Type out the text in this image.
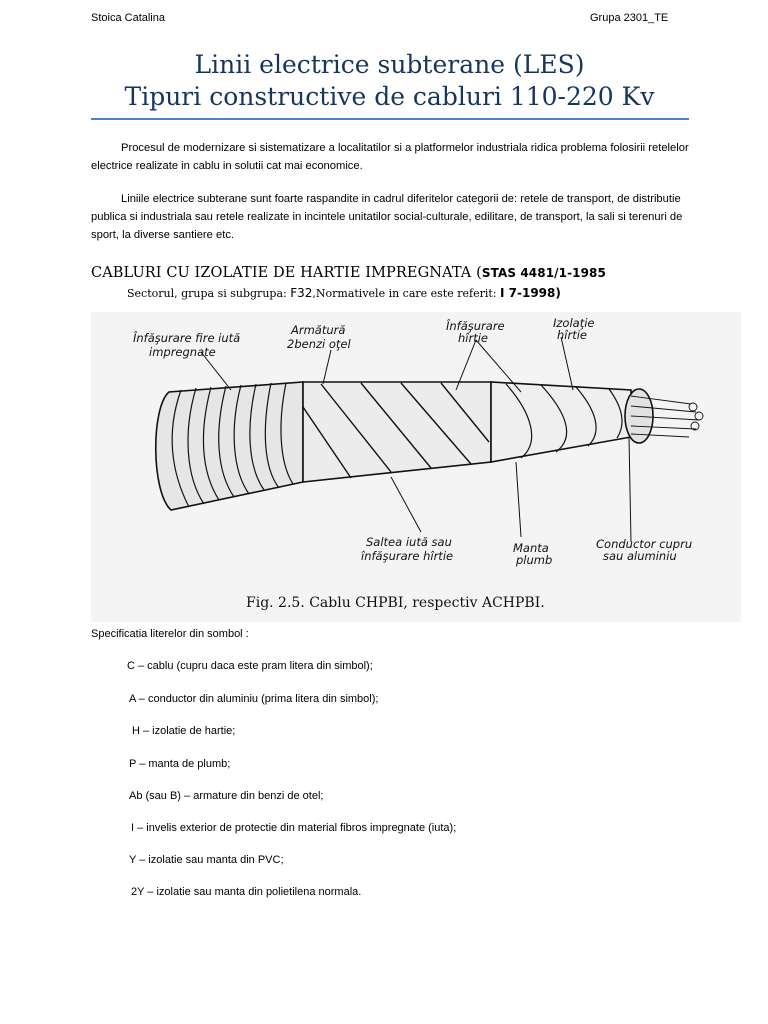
Stoica Catalina	Grupa 2301_TE
Linii electrice subterane (LES)
Tipuri constructive de cabluri 110-220 Kv
Procesul de modernizare si sistematizare a localitatilor si a platformelor industriala ridica problema folosirii retelelor electrice realizate in cablu in solutii cat mai economice.
Liniile electrice subterane sunt foarte raspandite in cadrul diferitelor categorii de: retele de transport, de distributie publica si industriala sau retele realizate in incintele unitatilor social-culturale, edilitare, de transport, la sali si terenuri de sport, la diverse santiere etc.
CABLURI CU IZOLATIE DE HARTIE IMPREGNATA (STAS 4481/1-1985
Sectorul, grupa si subgrupa: F32,Normativele in care este referit: I 7-1998)
Înfăşurare fire iută
impregnate
Armătură
2benzi oţel
Înfăşurare
hîrtie
Izolaţie
hîrtie
Saltea iută sau
înfăşurare hîrtie
Manta
plumb
Conductor cupru
sau aluminiu
Fig. 2.5. Cablu CHPBI, respectiv ACHPBI.
Specificatia literelor din sombol :
C – cablu (cupru daca este pram litera din simbol);
A – conductor din aluminiu (prima litera din simbol);
H – izolatie de hartie;
P – manta de plumb;
Ab (sau B) – armature din benzi de otel;
I – invelis exterior de protectie din material fibros impregnate (iuta);
Y – izolatie sau manta din PVC;
2Y – izolatie sau manta din polietilena normala.
